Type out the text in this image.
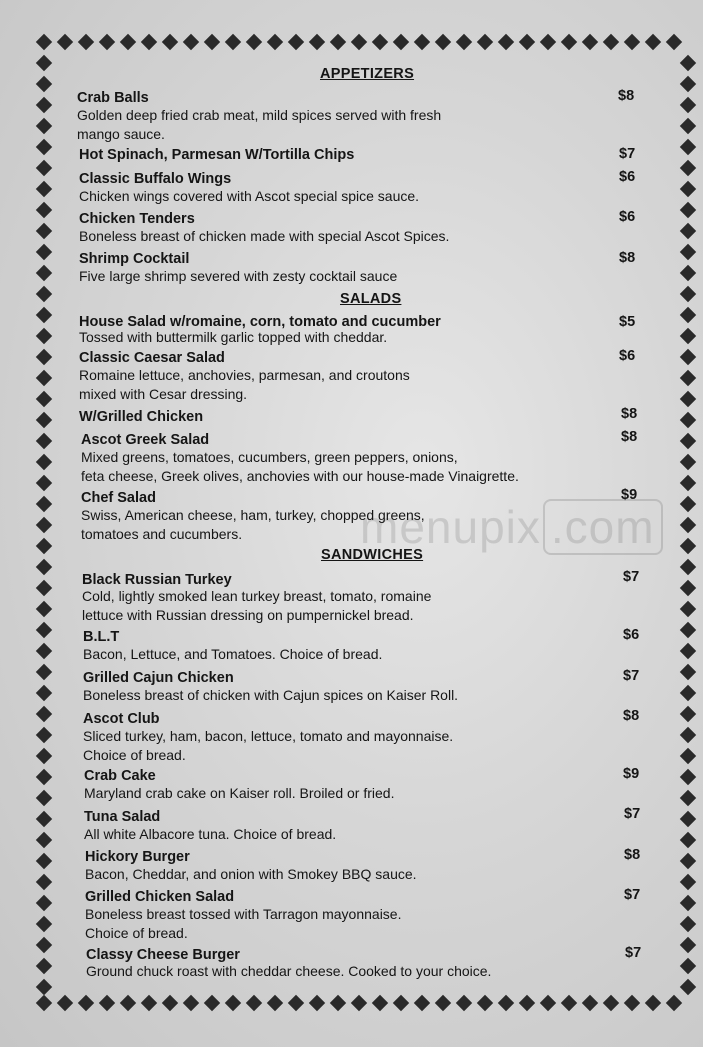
menupix .com
APPETIZERS
Crab Balls
Golden deep fried crab meat, mild spices served with fresh
mango sauce.
$8
Hot Spinach, Parmesan W/Tortilla Chips	$7
Classic Buffalo Wings
Chicken wings covered with Ascot special spice sauce.
$6
Chicken Tenders
Boneless breast of chicken made with special Ascot Spices.
$6
Shrimp Cocktail
Five large shrimp severed with zesty cocktail sauce
$8
SALADS
House Salad w/romaine, corn, tomato and cucumber
Tossed with buttermilk garlic topped with cheddar.
$5
Classic Caesar Salad
Romaine lettuce, anchovies, parmesan, and croutons
mixed with Cesar dressing.
$6
W/Grilled Chicken	$8
Ascot Greek Salad
Mixed greens, tomatoes, cucumbers, green peppers, onions,
feta cheese, Greek olives, anchovies with our house-made Vinaigrette.
$8
Chef Salad
Swiss, American cheese, ham, turkey, chopped greens,
tomatoes and cucumbers.
$9
SANDWICHES
Black Russian Turkey
Cold, lightly smoked lean turkey breast, tomato, romaine
lettuce with Russian dressing on pumpernickel bread.
$7
B.L.T
Bacon, Lettuce, and Tomatoes. Choice of bread.
$6
Grilled Cajun Chicken
Boneless breast of chicken with Cajun spices on Kaiser Roll.
$7
Ascot Club
Sliced turkey, ham, bacon, lettuce, tomato and mayonnaise.
Choice of bread.
$8
Crab Cake
Maryland crab cake on Kaiser roll. Broiled or fried.
$9
Tuna Salad
All white Albacore tuna. Choice of bread.
$7
Hickory Burger
Bacon, Cheddar, and onion with Smokey BBQ sauce.
$8
Grilled Chicken Salad
Boneless breast tossed with Tarragon mayonnaise.
Choice of bread.
$7
Classy Cheese Burger
Ground chuck roast with cheddar cheese. Cooked to your choice.
$7
